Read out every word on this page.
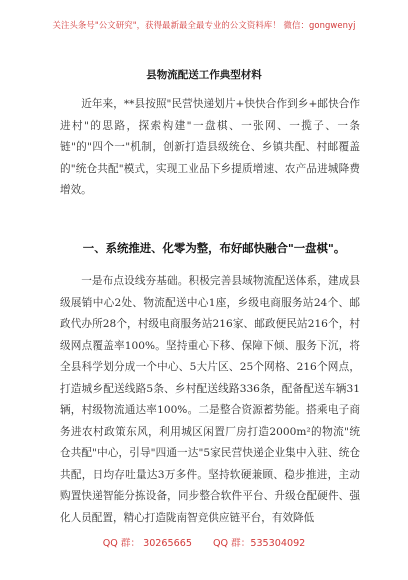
关注头条号"公文研究"，获得最新最全最专业的公文资料库！ 微信：gongwenyj
县物流配送工作典型材料
近年来，**县按照"民营快递划片+快快合作到乡+邮快合作进村"的思路，探索构建"一盘棋、一张网、一揽子、一条链"的"四个一"机制，创新打造县级统仓、乡镇共配、村邮覆盖的"统仓共配"模式，实现工业品下乡提质增速、农产品进城降费增效。
一、系统推进、化零为整，布好邮快融合"一盘棋"。
一是布点设线夯基础。积极完善县域物流配送体系，建成县级展销中心2处、物流配送中心1座，乡级电商服务站24个、邮政代办所28个，村级电商服务站216家、邮政便民站216个，村级网点覆盖率100%。坚持重心下移、保障下倾、服务下沉，将全县科学划分成一个中心、5大片区、25个网格、216个网点，打造城乡配送线路5条、乡村配送线路336条，配备配送车辆31辆，村级物流通达率100%。二是整合资源蓄势能。搭乘电子商务进农村政策东风，利用城区闲置厂房打造2000m²的物流"统仓共配"中心，引导"四通一达"5家民营快递企业集中入驻、统仓共配，日均存吐量达3万多件。坚持软硬兼顾、稳步推进，主动购置快递智能分拣设备，同步整合软件平台、升级仓配硬件、强化人员配置，精心打造陇南智竞供应链平台，有效降低
QQ 群： 30265665 QQ 群：535304092
